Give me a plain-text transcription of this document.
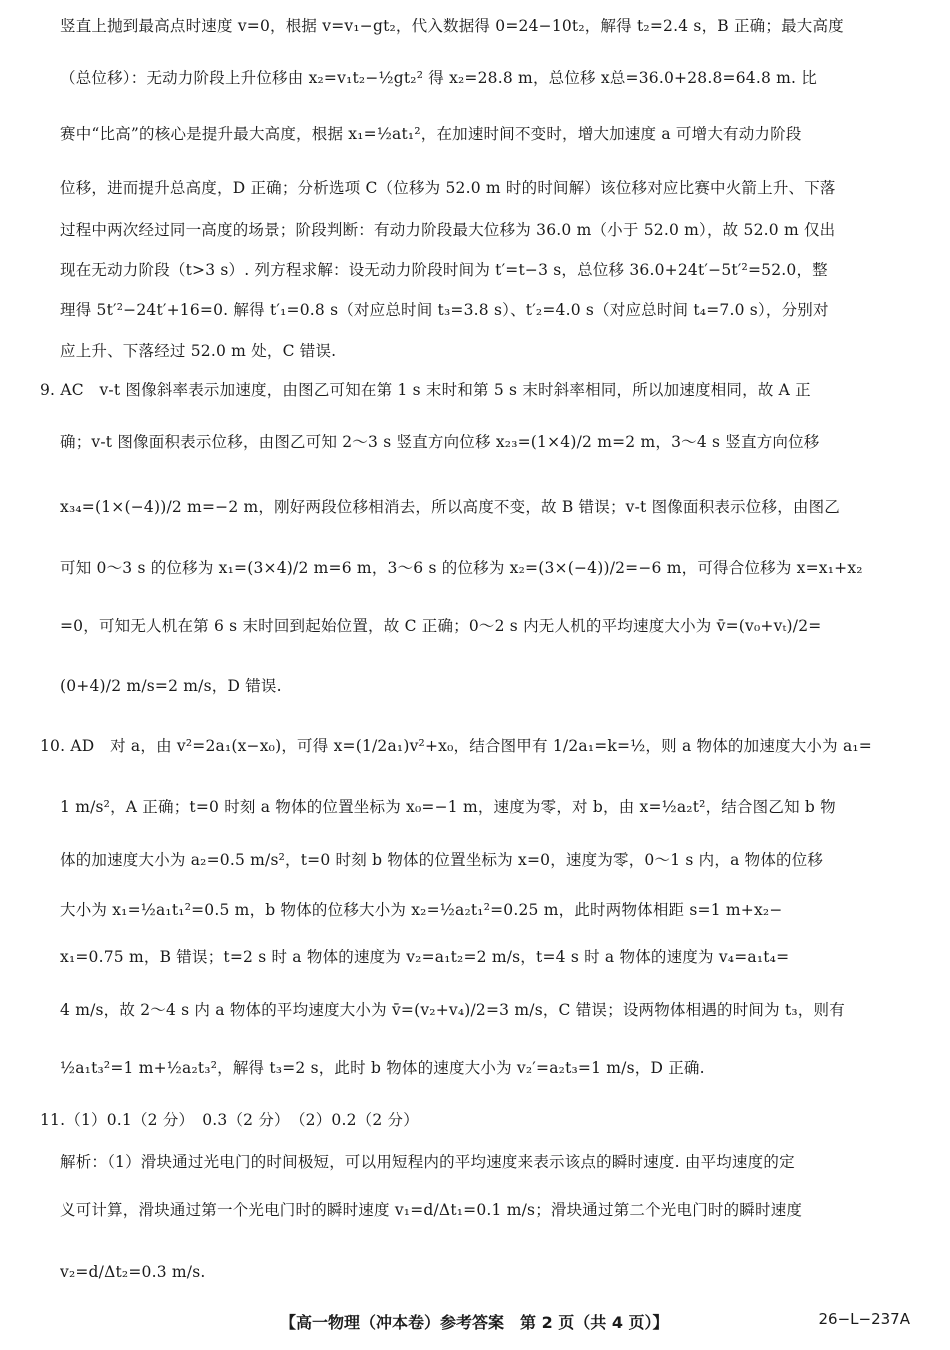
竖直上抛到最高点时速度 v=0，根据 v=v₁−gt₂，代入数据得 0=24−10t₂，解得 t₂=2.4 s，B 正确；最大高度
（总位移）：无动力阶段上升位移由 x₂=v₁t₂−½gt₂² 得 x₂=28.8 m，总位移 x总=36.0+28.8=64.8 m. 比
赛中“比高”的核心是提升最大高度，根据 x₁=½at₁²，在加速时间不变时，增大加速度 a 可增大有动力阶段
位移，进而提升总高度，D 正确；分析选项 C（位移为 52.0 m 时的时间解）该位移对应比赛中火箭上升、下落
过程中两次经过同一高度的场景；阶段判断：有动力阶段最大位移为 36.0 m（小于 52.0 m），故 52.0 m 仅出
现在无动力阶段（t>3 s）. 列方程求解：设无动力阶段时间为 t′=t−3 s，总位移 36.0+24t′−5t′²=52.0，整
理得 5t′²−24t′+16=0. 解得 t′₁=0.8 s（对应总时间 t₃=3.8 s）、t′₂=4.0 s（对应总时间 t₄=7.0 s），分别对
应上升、下落经过 52.0 m 处，C 错误.
9. AC　v-t 图像斜率表示加速度，由图乙可知在第 1 s 末时和第 5 s 末时斜率相同，所以加速度相同，故 A 正
确；v-t 图像面积表示位移，由图乙可知 2～3 s 竖直方向位移 x₂₃=(1×4)/2 m=2 m，3～4 s 竖直方向位移
x₃₄=(1×(−4))/2 m=−2 m，刚好两段位移相消去，所以高度不变，故 B 错误；v-t 图像面积表示位移，由图乙
可知 0～3 s 的位移为 x₁=(3×4)/2 m=6 m，3～6 s 的位移为 x₂=(3×(−4))/2=−6 m，可得合位移为 x=x₁+x₂
=0，可知无人机在第 6 s 末时回到起始位置，故 C 正确；0～2 s 内无人机的平均速度大小为 v̄=(v₀+vₜ)/2=
(0+4)/2 m/s=2 m/s，D 错误.
10. AD　对 a，由 v²=2a₁(x−x₀)，可得 x=(1/2a₁)v²+x₀，结合图甲有 1/2a₁=k=½，则 a 物体的加速度大小为 a₁=
1 m/s²，A 正确；t=0 时刻 a 物体的位置坐标为 x₀=−1 m，速度为零，对 b，由 x=½a₂t²，结合图乙知 b 物
体的加速度大小为 a₂=0.5 m/s²，t=0 时刻 b 物体的位置坐标为 x=0，速度为零，0～1 s 内，a 物体的位移
大小为 x₁=½a₁t₁²=0.5 m，b 物体的位移大小为 x₂=½a₂t₁²=0.25 m，此时两物体相距 s=1 m+x₂−
x₁=0.75 m，B 错误；t=2 s 时 a 物体的速度为 v₂=a₁t₂=2 m/s，t=4 s 时 a 物体的速度为 v₄=a₁t₄=
4 m/s，故 2～4 s 内 a 物体的平均速度大小为 v̄=(v₂+v₄)/2=3 m/s，C 错误；设两物体相遇的时间为 t₃，则有
½a₁t₃²=1 m+½a₂t₃²，解得 t₃=2 s，此时 b 物体的速度大小为 v₂′=a₂t₃=1 m/s，D 正确.
11.（1）0.1（2 分）　0.3（2 分）　（2）0.2（2 分）
解析：（1）滑块通过光电门的时间极短，可以用短程内的平均速度来表示该点的瞬时速度. 由平均速度的定
义可计算，滑块通过第一个光电门时的瞬时速度 v₁=d/Δt₁=0.1 m/s；滑块通过第二个光电门时的瞬时速度
v₂=d/Δt₂=0.3 m/s.
【高一物理（冲本卷）参考答案　第 2 页（共 4 页）】	26−L−237A
